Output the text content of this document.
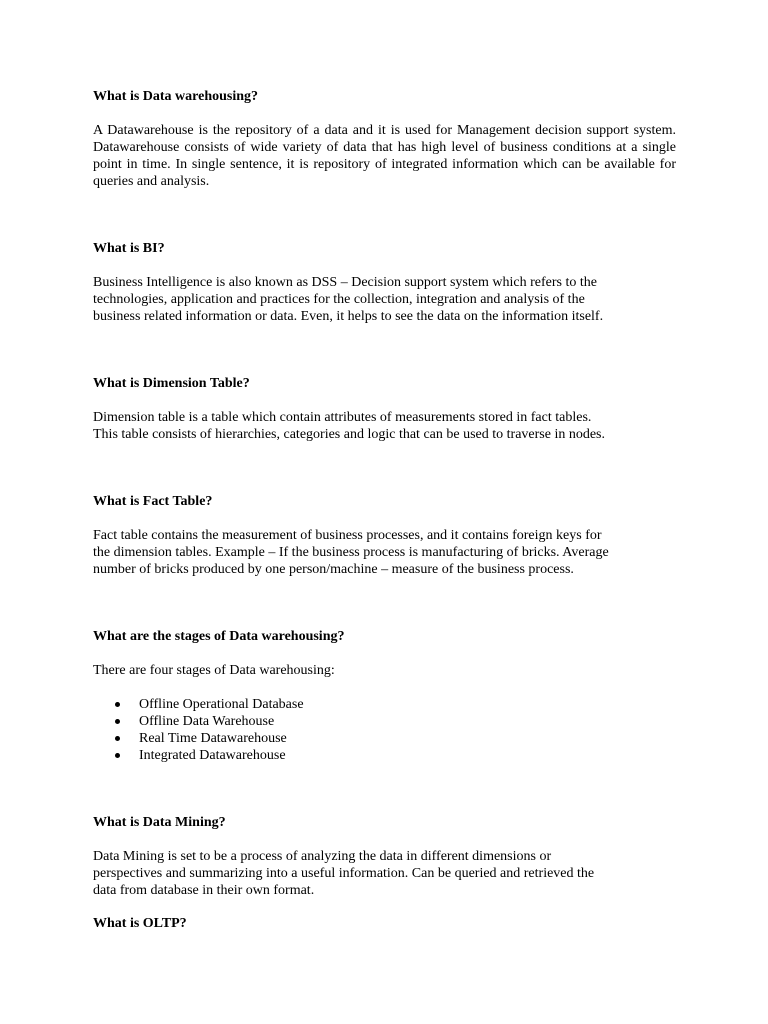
What is Data warehousing?

A Datawarehouse is the repository of a data and it is used for Management decision support system. Datawarehouse consists of wide variety of data that has high level of business conditions at a single point in time. In single sentence, it is repository of integrated information which can be available for queries and analysis.

What is BI?

Business Intelligence is also known as DSS – Decision support system which refers to the
technologies, application and practices for the collection, integration and analysis of the
business related information or data. Even, it helps to see the data on the information itself.

What is Dimension Table?

Dimension table is a table which contain attributes of measurements stored in fact tables.
This table consists of hierarchies, categories and logic that can be used to traverse in nodes.

What is Fact Table?

Fact table contains the measurement of business processes, and it contains foreign keys for
the dimension tables. Example – If the business process is manufacturing of bricks. Average
number of bricks produced by one person/machine – measure of the business process.

What are the stages of Data warehousing?

There are four stages of Data warehousing:

Offline Operational Database
Offline Data Warehouse
Real Time Datawarehouse
Integrated Datawarehouse
What is Data Mining?

Data Mining is set to be a process of analyzing the data in different dimensions or
perspectives and summarizing into a useful information. Can be queried and retrieved the
data from database in their own format.

What is OLTP?
